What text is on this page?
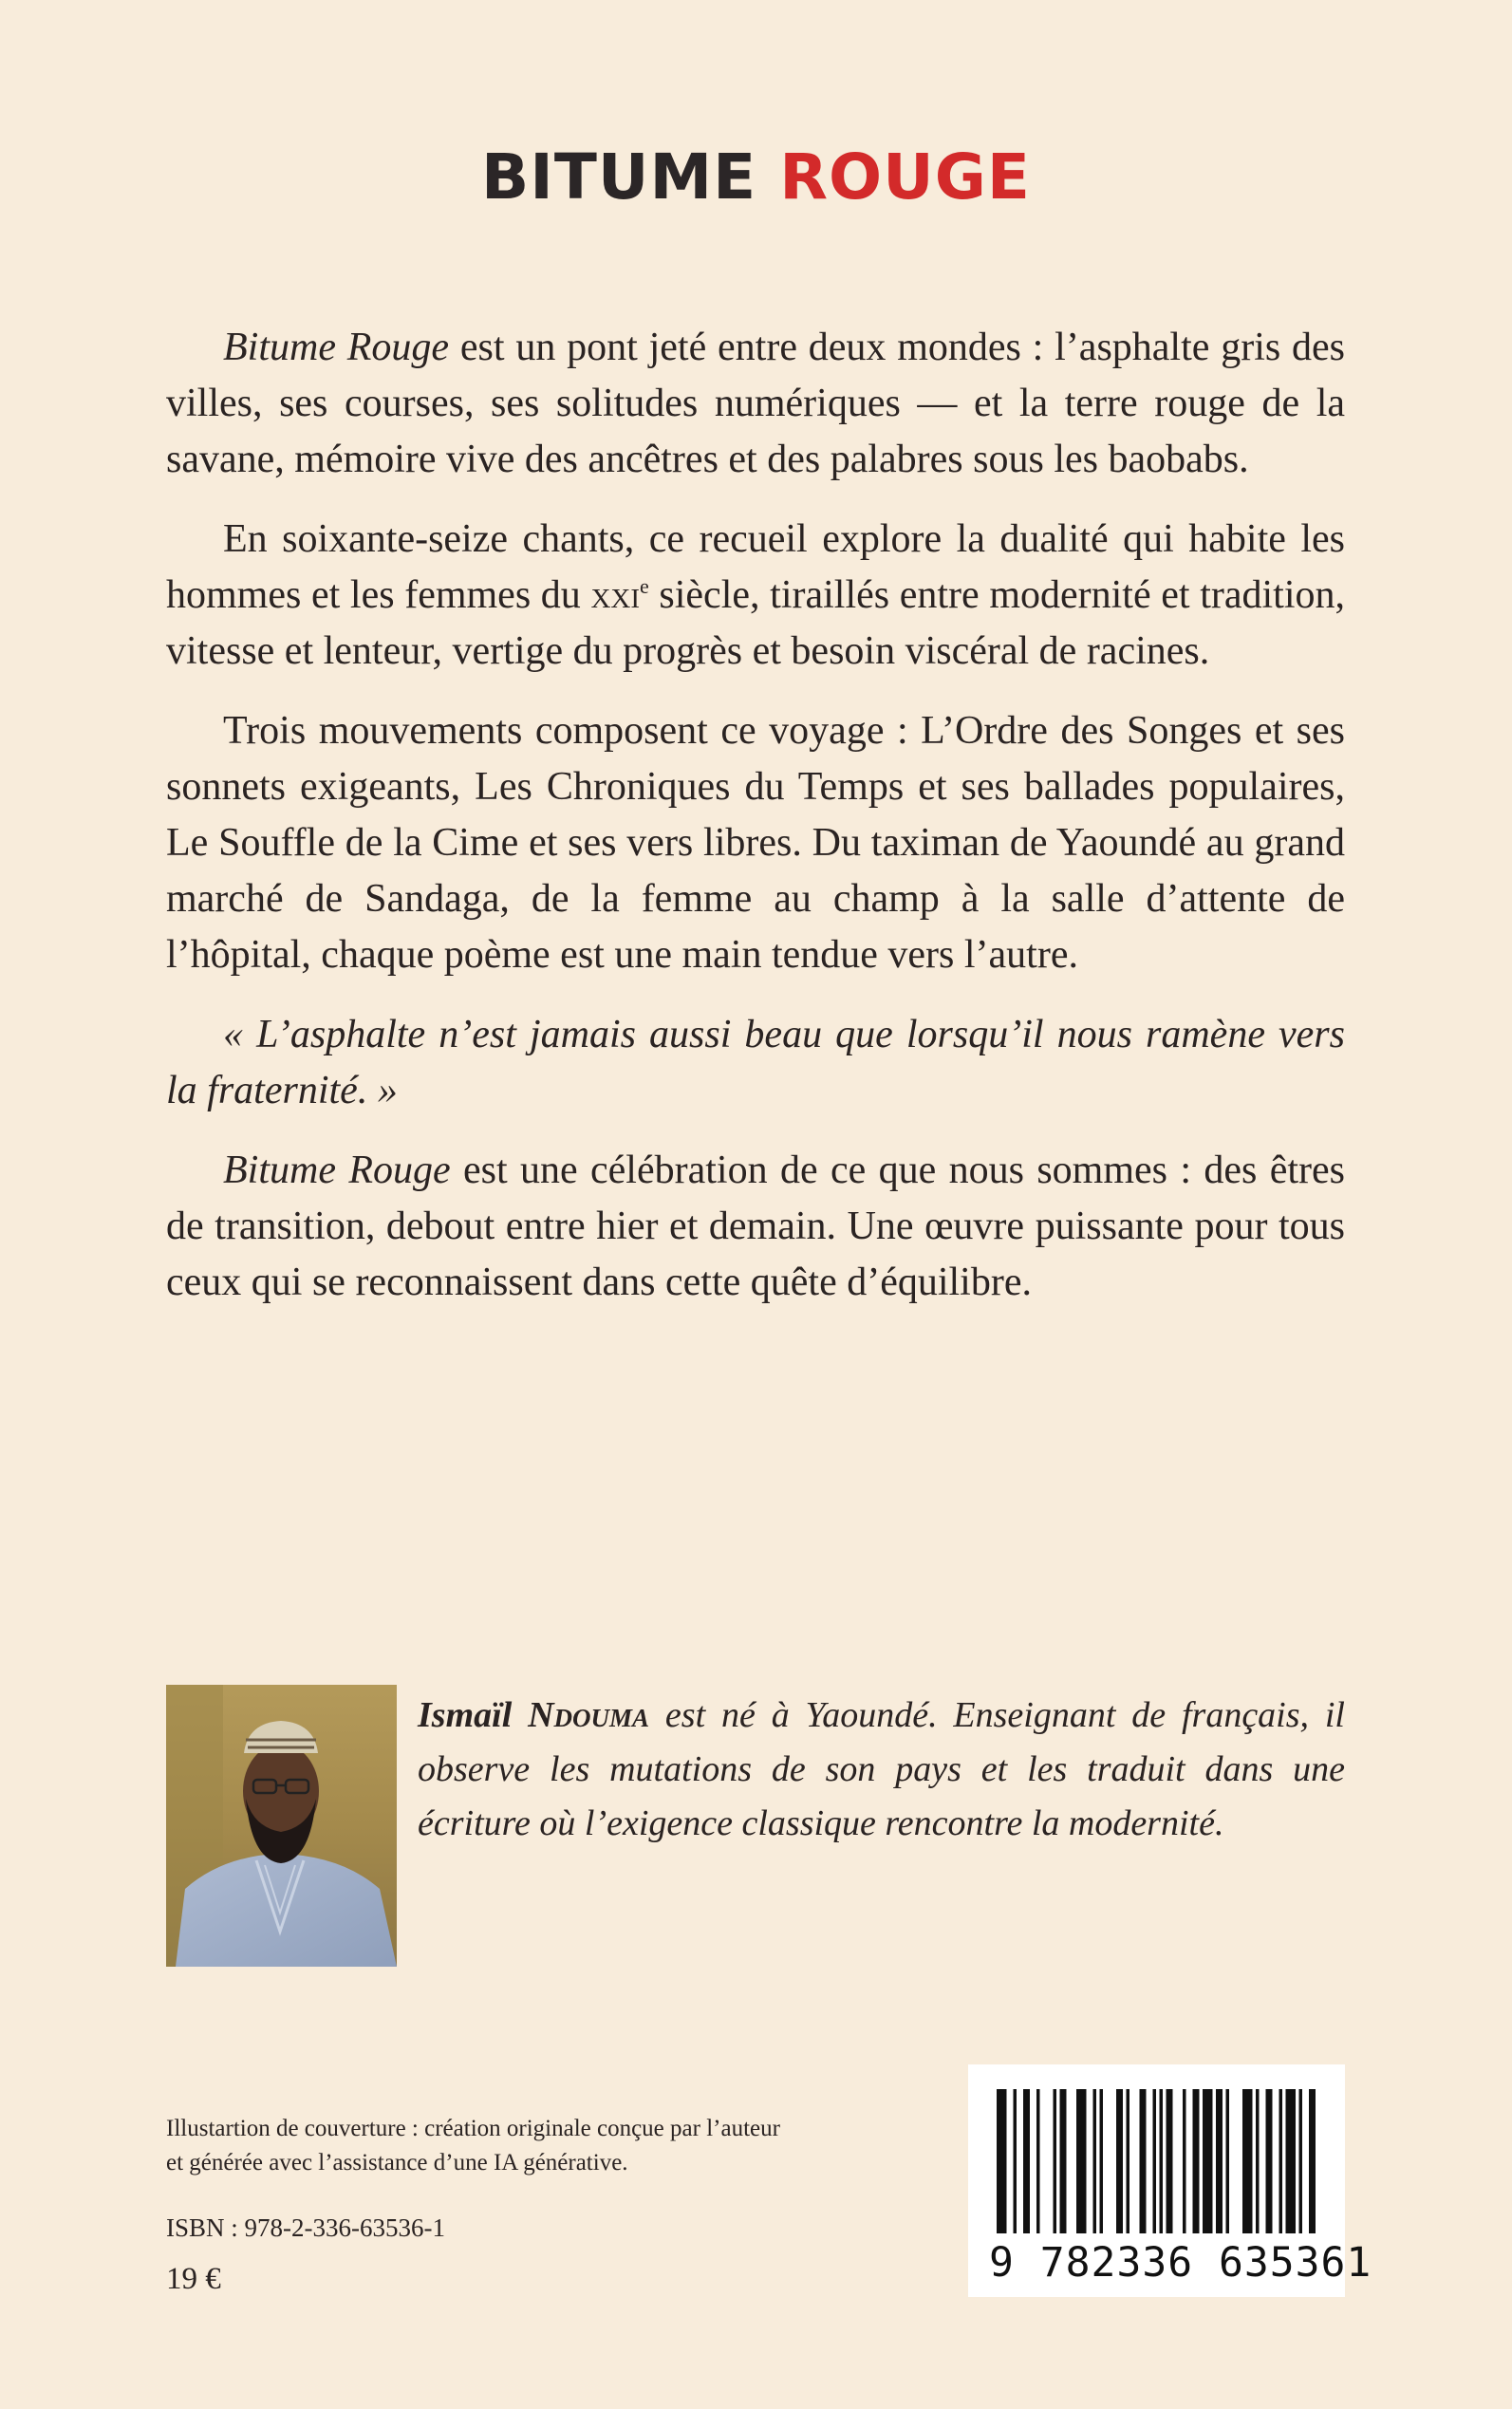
BITUME ROUGE

Bitume Rouge est un pont jeté entre deux mondes : l’asphalte gris des villes, ses courses, ses solitudes numériques — et la terre rouge de la savane, mémoire vive des ancêtres et des palabres sous les baobabs.

En soixante-seize chants, ce recueil explore la dualité qui habite les hommes et les femmes du xxi$^e$ siècle, tiraillés entre modernité et tradition, vitesse et lenteur, vertige du progrès et besoin viscéral de racines.

Trois mouvements composent ce voyage : L’Ordre des Songes et ses sonnets exigeants, Les Chroniques du Temps et ses ballades populaires, Le Souffle de la Cime et ses vers libres. Du taximan de Yaoundé au grand marché de Sandaga, de la femme au champ à la salle d’attente de l’hôpital, chaque poème est une main tendue vers l’autre.

« L’asphalte n’est jamais aussi beau que lorsqu’il nous ramène vers la fraternité. »

Bitume Rouge est une célébration de ce que nous sommes : des êtres de transition, debout entre hier et demain. Une œuvre puissante pour tous ceux qui se reconnaissent dans cette quête d’équilibre.

Ismaïl Ndouma est né à Yaoundé. Enseignant de français, il observe les mutations de son pays et les traduit dans une écriture où l’exigence classique rencontre la modernité.
Illustartion de couverture : création originale conçue par l’auteur
et générée avec l’assistance d’une IA générative.
ISBN : 978-2-336-63536-1
19 €	9 782336 635361
